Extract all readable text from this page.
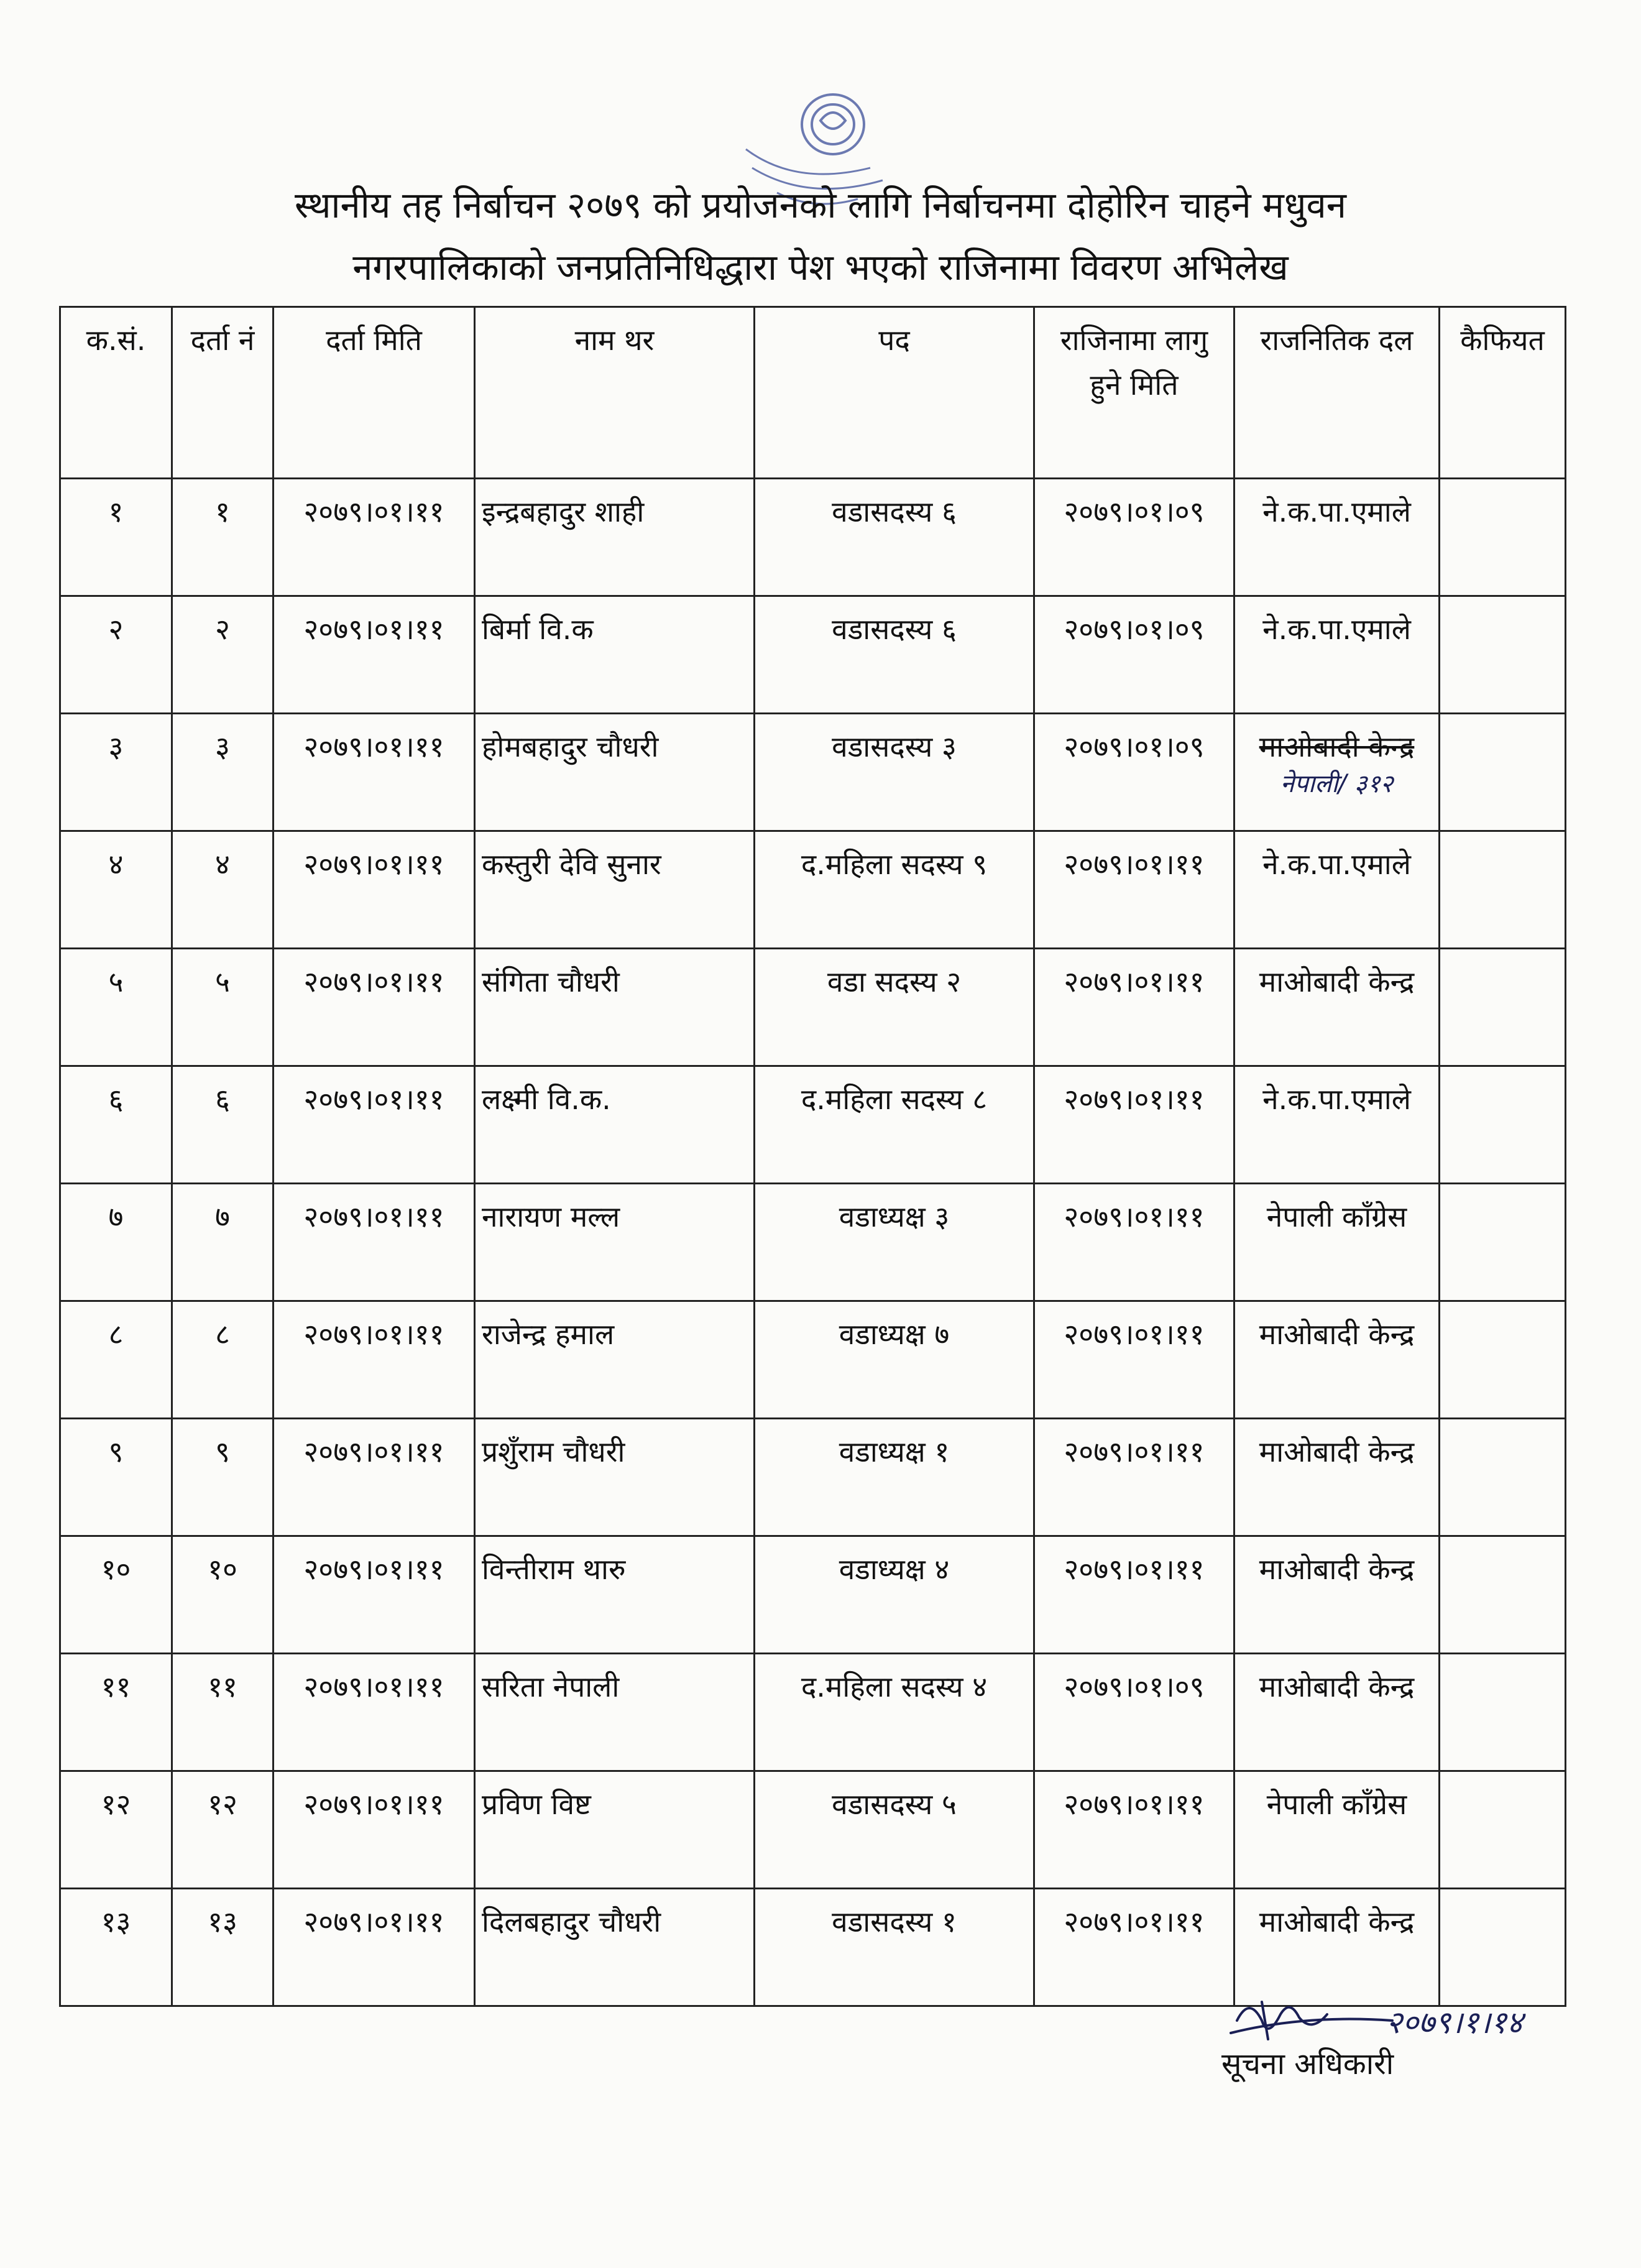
स्थानीय तह निर्बाचन २०७९ को प्रयोजनको लागि निर्बाचनमा दोहोरिन चाहने मधुवन
नगरपालिकाको जनप्रतिनिधिद्धारा पेश भएको राजिनामा विवरण अभिलेख
क.सं.	दर्ता नं	दर्ता मिति	नाम थर	पद	राजिनामा लागु हुने मिति	राजनितिक दल	कैफियत
१	१	२०७९।०१।११	इन्द्रबहादुर शाही	वडासदस्य ६	२०७९।०१।०९	ने.क.पा.एमाले	
२	२	२०७९।०१।११	बिर्मा वि.क	वडासदस्य ६	२०७९।०१।०९	ने.क.पा.एमाले	
३	३	२०७९।०१।११	होमबहादुर चौधरी	वडासदस्य ३	२०७९।०१।०९	माओबादी केन्द्र
नेपाली/ ३१२	

४	४	२०७९।०१।११	कस्तुरी देवि सुनार	द.महिला सदस्य ९	२०७९।०१।११	ने.क.पा.एमाले	
५	५	२०७९।०१।११	संगिता चौधरी	वडा सदस्य २	२०७९।०१।११	माओबादी केन्द्र	
६	६	२०७९।०१।११	लक्ष्मी वि.क.	द.महिला सदस्य ८	२०७९।०१।११	ने.क.पा.एमाले	
७	७	२०७९।०१।११	नारायण मल्ल	वडाध्यक्ष ३	२०७९।०१।११	नेपाली काँग्रेस	
८	८	२०७९।०१।११	राजेन्द्र हमाल	वडाध्यक्ष ७	२०७९।०१।११	माओबादी केन्द्र	
९	९	२०७९।०१।११	प्रशुँराम चौधरी	वडाध्यक्ष १	२०७९।०१।११	माओबादी केन्द्र	
१०	१०	२०७९।०१।११	विन्तीराम थारु	वडाध्यक्ष ४	२०७९।०१।११	माओबादी केन्द्र	
११	११	२०७९।०१।११	सरिता नेपाली	द.महिला सदस्य ४	२०७९।०१।०९	माओबादी केन्द्र	
१२	१२	२०७९।०१।११	प्रविण विष्ट	वडासदस्य ५	२०७९।०१।११	नेपाली काँग्रेस	
१३	१३	२०७९।०१।११	दिलबहादुर चौधरी	वडासदस्य १	२०७९।०१।११	माओबादी केन्द्र	
२०७९।१।१४
सूचना अधिकारी
